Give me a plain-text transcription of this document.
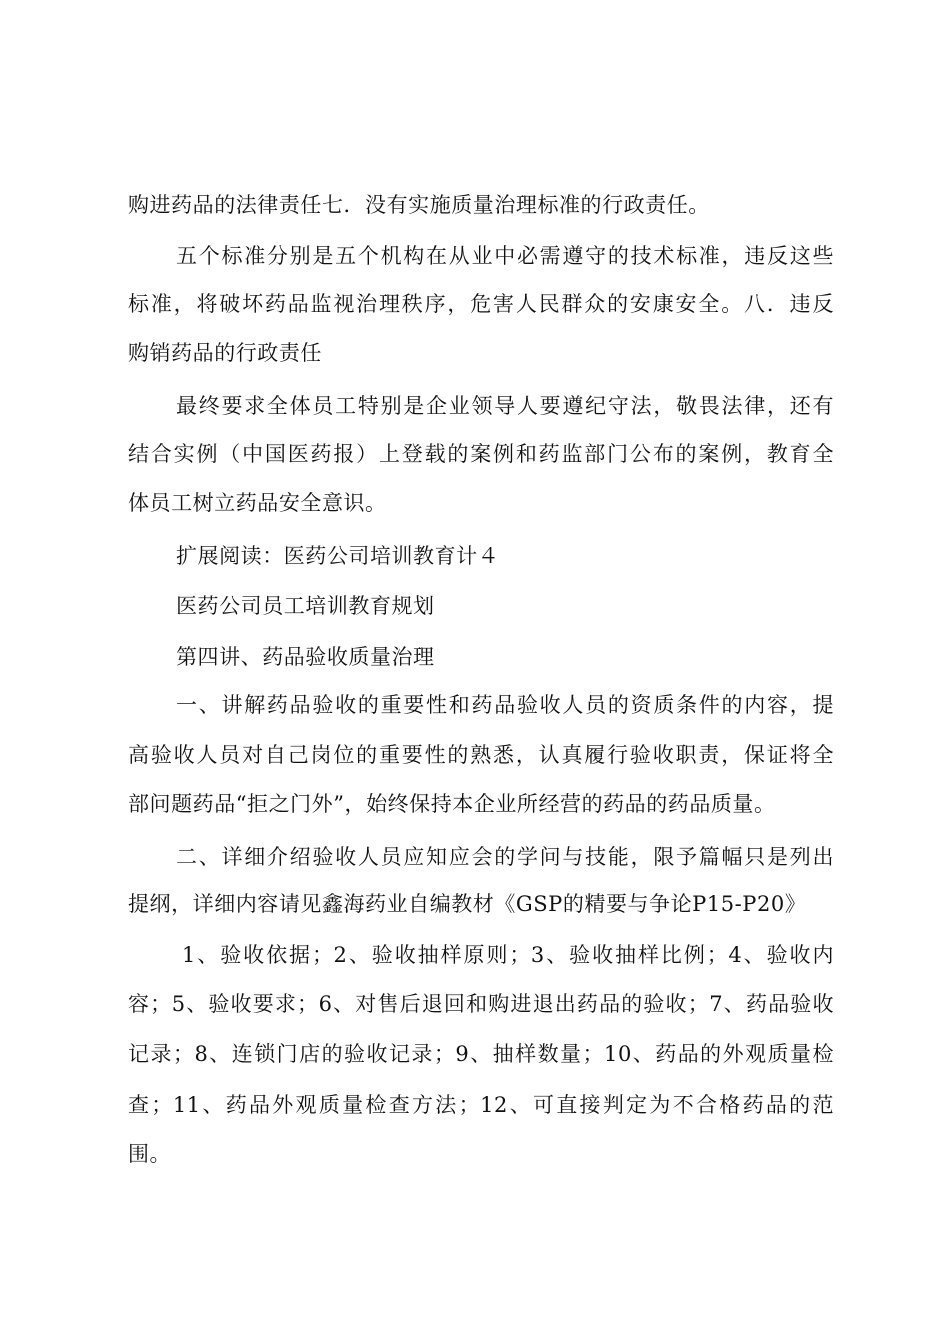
购进药品的法律责任七．没有实施质量治理标准的行政责任。
五个标准分别是五个机构在从业中必需遵守的技术标准，违反这些
标准，将破坏药品监视治理秩序，危害人民群众的安康安全。八．违反
购销药品的行政责任
最终要求全体员工特别是企业领导人要遵纪守法，敬畏法律，还有
结合实例（中国医药报）上登载的案例和药监部门公布的案例，教育全
体员工树立药品安全意识。
扩展阅读：医药公司培训教育计４
医药公司员工培训教育规划
第四讲、药品验收质量治理
一、讲解药品验收的重要性和药品验收人员的资质条件的内容，提
高验收人员对自己岗位的重要性的熟悉，认真履行验收职责，保证将全
部问题药品“拒之门外”，始终保持本企业所经营的药品的药品质量。
二、详细介绍验收人员应知应会的学问与技能，限予篇幅只是列出
提纲，详细内容请见鑫海药业自编教材《GSP的精要与争论P15-P20》
1、验收依据；2、验收抽样原则；3、验收抽样比例；4、验收内
容；5、验收要求；6、对售后退回和购进退出药品的验收；7、药品验收
记录；8、连锁门店的验收记录；9、抽样数量；10、药品的外观质量检
查；11、药品外观质量检查方法；12、可直接判定为不合格药品的范
围。
